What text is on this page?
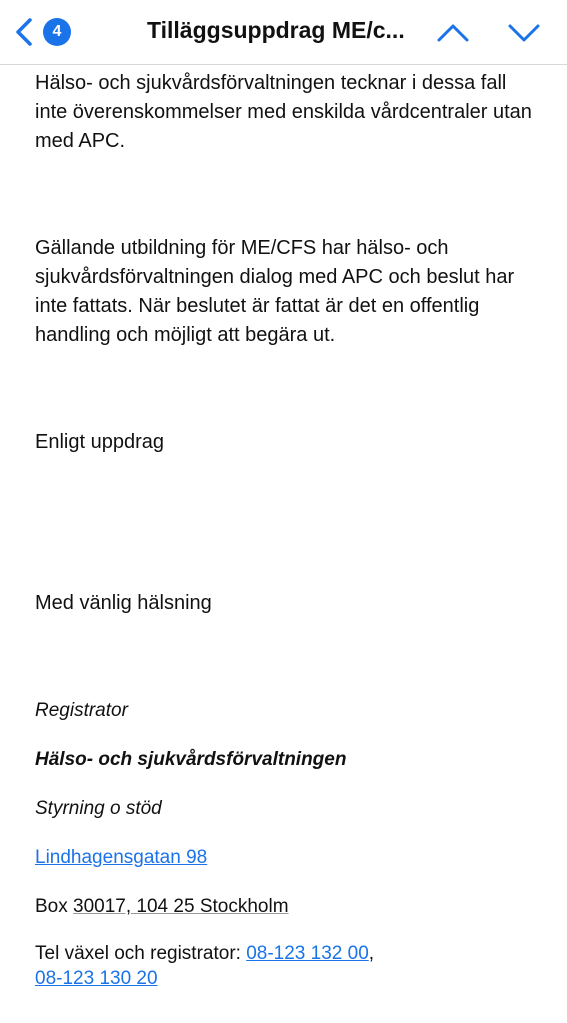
4	Tilläggsuppdrag ME/c...

Hälso- och sjukvårdsförvaltningen tecknar i dessa fall inte överenskommelser med enskilda vårdcentraler utan med APC.

Gällande utbildning för ME/CFS har hälso- och sjukvårdsförvaltningen dialog med APC och beslut har inte fattats. När beslutet är fattat är det en offentlig handling och möjligt att begära ut.

Enligt uppdrag

Med vänlig hälsning

Registrator

Hälso- och sjukvårdsförvaltningen

Styrning o stöd

Lindhagensgatan 98

Box 30017, 104 25 Stockholm

Tel växel och registrator: 08-123 132 00,
08-123 130 20
